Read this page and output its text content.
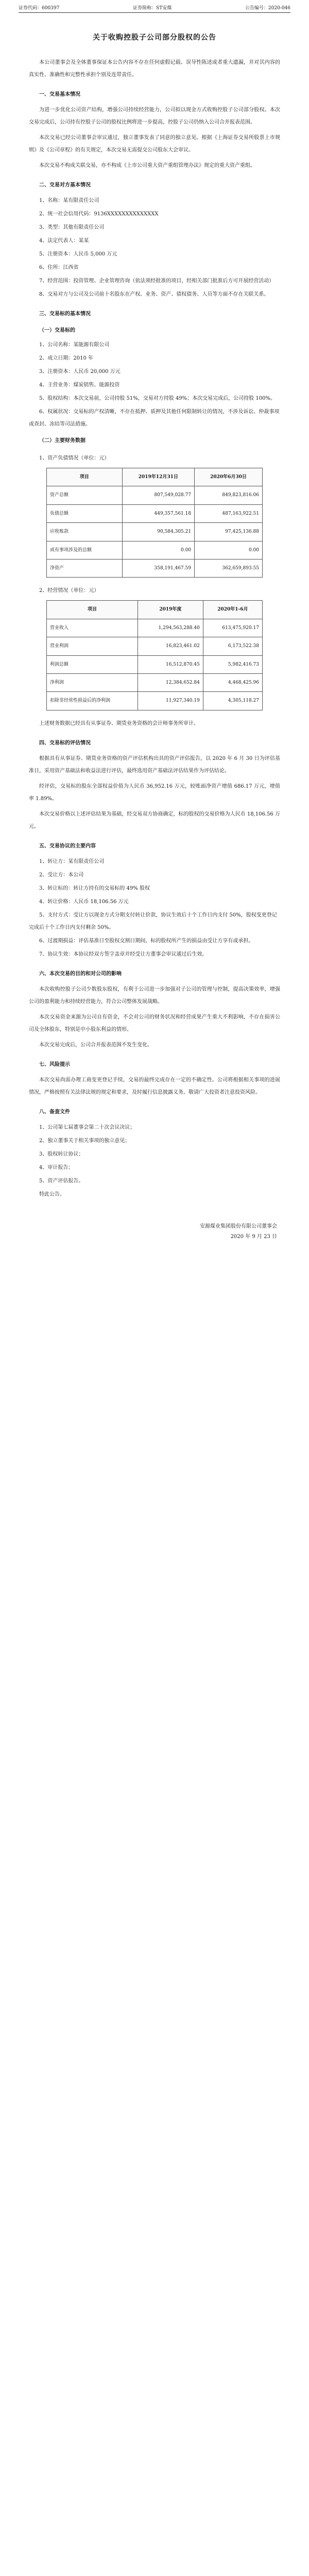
证券代码：600397	证券简称：ST安煤	公告编号：2020-046
关于收购控股子公司部分股权的公告

本公司董事会及全体董事保证本公告内容不存在任何虚假记载、误导性陈述或者重大遗漏，并对其内容的真实性、准确性和完整性承担个别及连带责任。

一、交易基本情况

为进一步优化公司资产结构，增强公司持续经营能力，公司拟以现金方式收购控股子公司部分股权。本次交易完成后，公司持有控股子公司的股权比例将进一步提高，控股子公司仍纳入公司合并报表范围。

本次交易已经公司董事会审议通过，独立董事发表了同意的独立意见。根据《上海证券交易所股票上市规则》及《公司章程》的有关规定，本次交易无需提交公司股东大会审议。

本次交易不构成关联交易，亦不构成《上市公司重大资产重组管理办法》规定的重大资产重组。

二、交易对方基本情况

1、名称：某有限责任公司

2、统一社会信用代码：9136XXXXXXXXXXXXXX

3、类型：其他有限责任公司

4、法定代表人：某某

5、注册资本：人民币 5,000 万元

6、住所：江西省

7、经营范围：投资管理、企业管理咨询（依法须经批准的项目，经相关部门批准后方可开展经营活动）

8、交易对方与公司及公司前十名股东在产权、业务、资产、债权债务、人员等方面不存在关联关系。

三、交易标的基本情况

（一）交易标的

1、公司名称：某能源有限公司

2、成立日期：2010 年

3、注册资本：人民币 20,000 万元

4、主营业务：煤炭销售、能源投资

5、股权结构：本次交易前，公司持股 51%，交易对方持股 49%；本次交易完成后，公司持股 100%。

6、权属状况：交易标的产权清晰，不存在抵押、质押及其他任何限制转让的情况，不涉及诉讼、仲裁事项或查封、冻结等司法措施。

（二）主要财务数据

1、资产负债情况（单位：元）

项目	2019年12月31日	2020年6月30日
资产总额	807,549,028.77	849,823,816.06
负债总额	449,357,561.18	487,163,922.51
应收账款	90,584,305.21	97,425,136.88
或有事项涉及的总额	0.00	0.00
净资产	358,191,467.59	362,659,893.55

2、经营情况（单位：元）

项目	2019年度	2020年1-6月
营业收入	1,294,563,288.40	613,475,920.17
营业利润	16,823,461.02	6,173,522.38
利润总额	16,512,870.45	5,982,416.73
净利润	12,384,652.84	4,468,425.96
扣除非经常性损益后的净利润	11,927,340.19	4,305,118.27

上述财务数据已经具有从事证券、期货业务资格的会计师事务所审计。

四、交易标的评估情况

根据具有从事证券、期货业务资格的资产评估机构出具的资产评估报告，以 2020 年 6 月 30 日为评估基准日，采用资产基础法和收益法进行评估，最终选用资产基础法评估结果作为评估结论。

经评估，交易标的股东全部权益价值为人民币 36,952.16 万元，较账面净资产增值 686.17 万元，增值率 1.89%。

本次交易价格以上述评估结果为基础，经交易双方协商确定，标的股权的交易价格为人民币 18,106.56 万元。

五、交易协议的主要内容

1、转让方：某有限责任公司

2、受让方：本公司

3、转让标的：转让方持有的交易标的 49% 股权

4、转让价格：人民币 18,106.56 万元

5、支付方式：受让方以现金方式分期支付转让价款，协议生效后十个工作日内支付 50%，股权变更登记完成后十个工作日内支付剩余 50%。

6、过渡期损益：评估基准日至股权交割日期间，标的股权所产生的损益由受让方享有或承担。

7、协议生效：本协议经双方签字盖章并经受让方董事会审议通过后生效。

六、本次交易的目的和对公司的影响

本次收购控股子公司少数股东股权，有利于公司进一步加强对子公司的管理与控制，提高决策效率，增强公司的盈利能力和持续经营能力，符合公司整体发展战略。

本次交易资金来源为公司自有资金，不会对公司的财务状况和经营成果产生重大不利影响，不存在损害公司及全体股东，特别是中小股东利益的情形。

本次交易完成后，公司合并报表范围不发生变化。

七、风险提示

本次交易尚需办理工商变更登记手续，交易的最终完成存在一定的不确定性。公司将根据相关事项的进展情况，严格按照有关法律法规的规定和要求，及时履行信息披露义务。敬请广大投资者注意投资风险。

八、备查文件

1、公司第七届董事会第二十次会议决议；

2、独立董事关于相关事项的独立意见；

3、股权转让协议；

4、审计报告；

5、资产评估报告。

特此公告。

安源煤业集团股份有限公司董事会
2020 年 9 月 23 日
